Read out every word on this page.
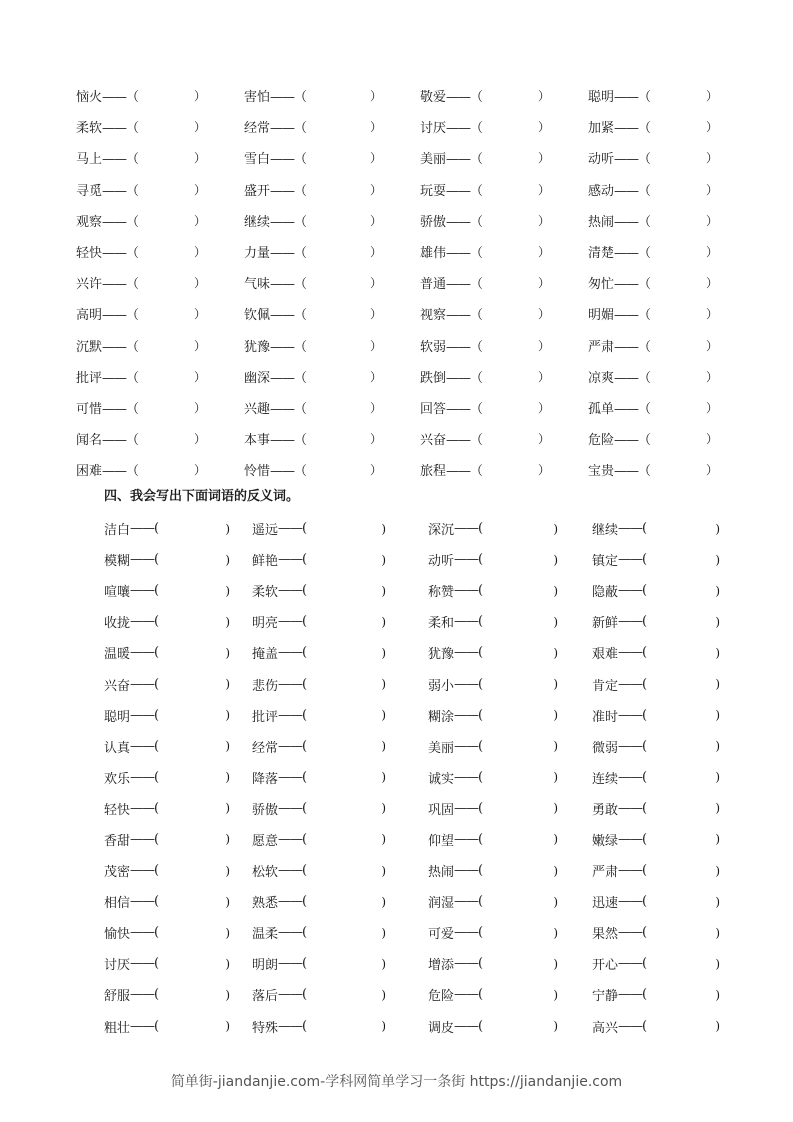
恼火 ——（	）	害怕 ——（	）	敬爱 ——（	）	聪明 ——（	）
柔软 ——（	）	经常 ——（	）	讨厌 ——（	）	加紧 ——（	）
马上 ——（	）	雪白 ——（	）	美丽 ——（	）	动听 ——（	）
寻觅 ——（	）	盛开 ——（	）	玩耍 ——（	）	感动 ——（	）
观察 ——（	）	继续 ——（	）	骄傲 ——（	）	热闹 ——（	）
轻快 ——（	）	力量 ——（	）	雄伟 ——（	）	清楚 ——（	）
兴许 ——（	）	气味 ——（	）	普通 ——（	）	匆忙 ——（	）
高明 ——（	）	钦佩 ——（	）	视察 ——（	）	明媚 ——（	）
沉默 ——（	）	犹豫 ——（	）	软弱 ——（	）	严肃 ——（	）
批评 ——（	）	幽深 ——（	）	跌倒 ——（	）	凉爽 ——（	）
可惜 ——（	）	兴趣 ——（	）	回答 ——（	）	孤单 ——（	）
闻名 ——（	）	本事 ——（	）	兴奋 ——（	）	危险 ——（	）
困难 ——（	）	怜惜 ——（	）	旅程 ——（	）	宝贵 ——（	）
四、我会写出下面词语的反义词。
洁白 ——(	) 遥远 ——(	)	深沉 ——(	)	继续 ——(	)
模糊 ——(	) 鲜艳 ——(	)	动听 ——(	)	镇定 ——(	)
喧嚷 ——(	) 柔软 ——(	)	称赞 ——(	)	隐蔽 ——(	)
收拢 ——(	) 明亮 ——(	)	柔和 ——(	)	新鲜 ——(	)
温暖 ——(	) 掩盖 ——(	)	犹豫 ——(	)	艰难 ——(	)
兴奋 ——(	) 悲伤 ——(	)	弱小 ——(	)	肯定 ——(	)
聪明 ——(	) 批评 ——(	)	糊涂 ——(	)	准时 ——(	)
认真 ——(	) 经常 ——(	)	美丽 ——(	)	微弱 ——(	)
欢乐 ——(	) 降落 ——(	)	诚实 ——(	)	连续 ——(	)
轻快 ——(	) 骄傲 ——(	)	巩固 ——(	)	勇敢 ——(	)
香甜 ——(	) 愿意 ——(	)	仰望 ——(	)	嫩绿 ——(	)
茂密 ——(	) 松软 ——(	)	热闹 ——(	)	严肃 ——(	)
相信 ——(	) 熟悉 ——(	)	润湿 ——(	)	迅速 ——(	)
愉快 ——(	) 温柔 ——(	)	可爱 ——(	)	果然 ——(	)
讨厌 ——(	) 明朗 ——(	)	增添 ——(	)	开心 ——(	)
舒服 ——(	) 落后 ——(	)	危险 ——(	)	宁静 ——(	)
粗壮 ——(	) 特殊 ——(	)	调皮 ——(	)	高兴 ——(	)
简单街-jiandanjie.com-学科网简单学习一条街 https://jiandanjie.com
